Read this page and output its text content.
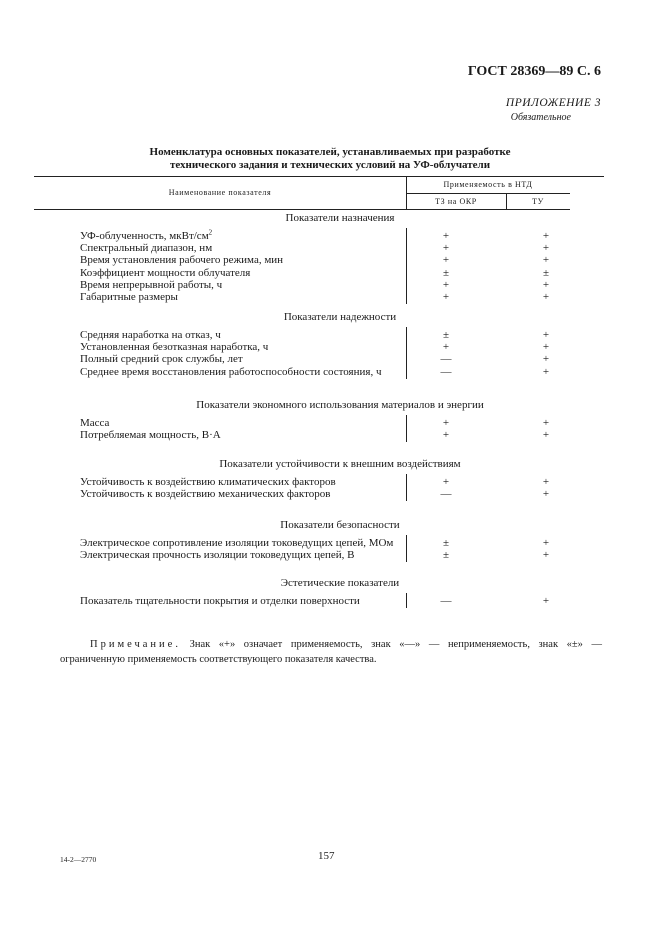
ГОСТ 28369—89 С. 6
ПРИЛОЖЕНИЕ 3
Обязательное
Номенклатура основных показателей, устанавливаемых при разработке
технического задания и технических условий на УФ-облучатели
Наименование показателя
Применяемость в НТД
ТЗ на ОКР	ТУ
Показатели назначения
УФ-облученность, мкВт/$см^2$	+	+
Спектральный диапазон, нм	+	+
Время установления рабочего режима, мин	+	+
Коэффициент мощности облучателя	±	±
Время непрерывной работы, ч	+	+
Габаритные размеры	+	+
Показатели надежности
Средняя наработка на отказ, ч	±	+
Установленная безотказная наработка, ч	+	+
Полный средний срок службы, лет	—	+
Среднее время восстановления работоспособности состояния, ч	—	+
Показатели экономного использования материалов и энергии
Масса	+	+
Потребляемая мощность, В·А	+	+
Показатели устойчивости к внешним воздействиям
Устойчивость к воздействию климатических факторов	+	+
Устойчивость к воздействию механических факторов	—	+
Показатели безопасности
Электрическое сопротивление изоляции токоведущих цепей, МОм	±	+
Электрическая прочность изоляции токоведущих цепей, В	±	+
Эстетические показатели
Показатель тщательности покрытия и отделки поверхности	—	+
Примечание. Знак «+» означает применяемость, знак «—» — неприменяемость, знак «±» — ограниченную применяемость соответствующего показателя качества.
14-2—2770	157
